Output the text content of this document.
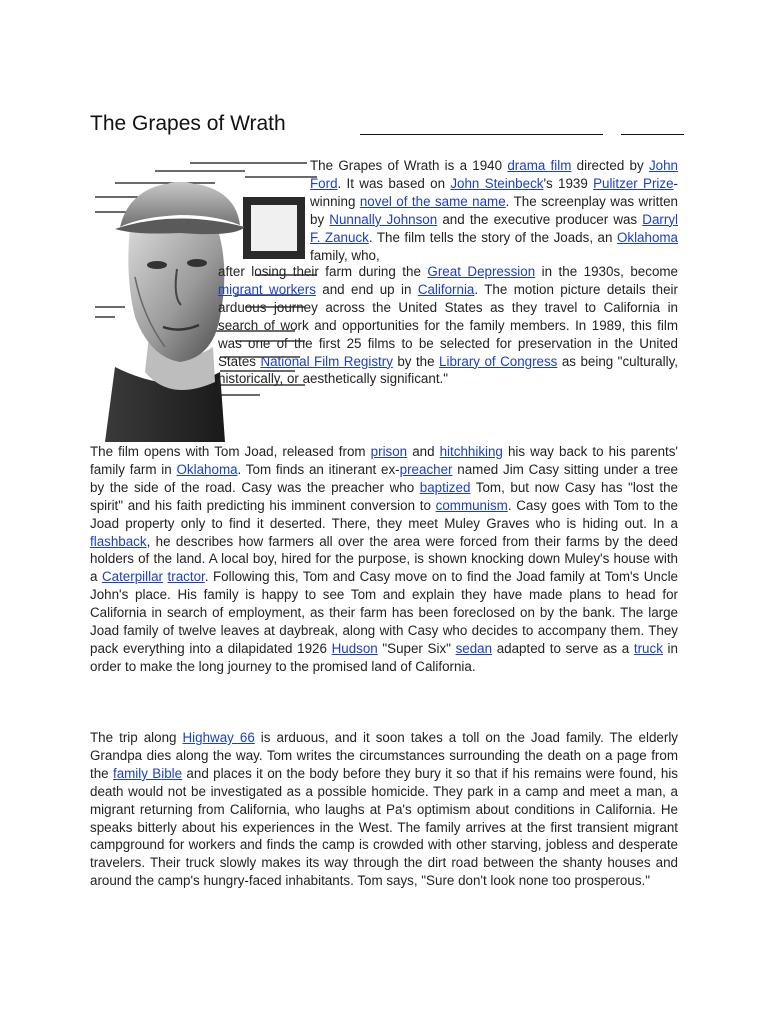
The Grapes of Wrath
The Grapes of Wrath is a 1940 drama film directed by John Ford. It was based on John Steinbeck's 1939 Pulitzer Prize-winning novel of the same name. The screenplay was written by Nunnally Johnson and the executive producer was Darryl F. Zanuck. The film tells the story of the Joads, an Oklahoma family, who,
after losing their farm during the Great Depression in the 1930s, become migrant workers and end up in California. The motion picture details their arduous journey across the United States as they travel to California in search of work and opportunities for the family members. In 1989, this film was one of the first 25 films to be selected for preservation in the United States National Film Registry by the Library of Congress as being "culturally, historically, or aesthetically significant."
The film opens with Tom Joad, released from prison and hitchhiking his way back to his parents' family farm in Oklahoma. Tom finds an itinerant ex-preacher named Jim Casy sitting under a tree by the side of the road. Casy was the preacher who baptized Tom, but now Casy has "lost the spirit" and his faith predicting his imminent conversion to communism. Casy goes with Tom to the Joad property only to find it deserted. There, they meet Muley Graves who is hiding out. In a flashback, he describes how farmers all over the area were forced from their farms by the deed holders of the land. A local boy, hired for the purpose, is shown knocking down Muley's house with a Caterpillar tractor. Following this, Tom and Casy move on to find the Joad family at Tom's Uncle John's place. His family is happy to see Tom and explain they have made plans to head for California in search of employment, as their farm has been foreclosed on by the bank. The large Joad family of twelve leaves at daybreak, along with Casy who decides to accompany them. They pack everything into a dilapidated 1926 Hudson "Super Six" sedan adapted to serve as a truck in order to make the long journey to the promised land of California.
The trip along Highway 66 is arduous, and it soon takes a toll on the Joad family. The elderly Grandpa dies along the way. Tom writes the circumstances surrounding the death on a page from the family Bible and places it on the body before they bury it so that if his remains were found, his death would not be investigated as a possible homicide. They park in a camp and meet a man, a migrant returning from California, who laughs at Pa's optimism about conditions in California. He speaks bitterly about his experiences in the West. The family arrives at the first transient migrant campground for workers and finds the camp is crowded with other starving, jobless and desperate travelers. Their truck slowly makes its way through the dirt road between the shanty houses and around the camp's hungry-faced inhabitants. Tom says, "Sure don't look none too prosperous."
